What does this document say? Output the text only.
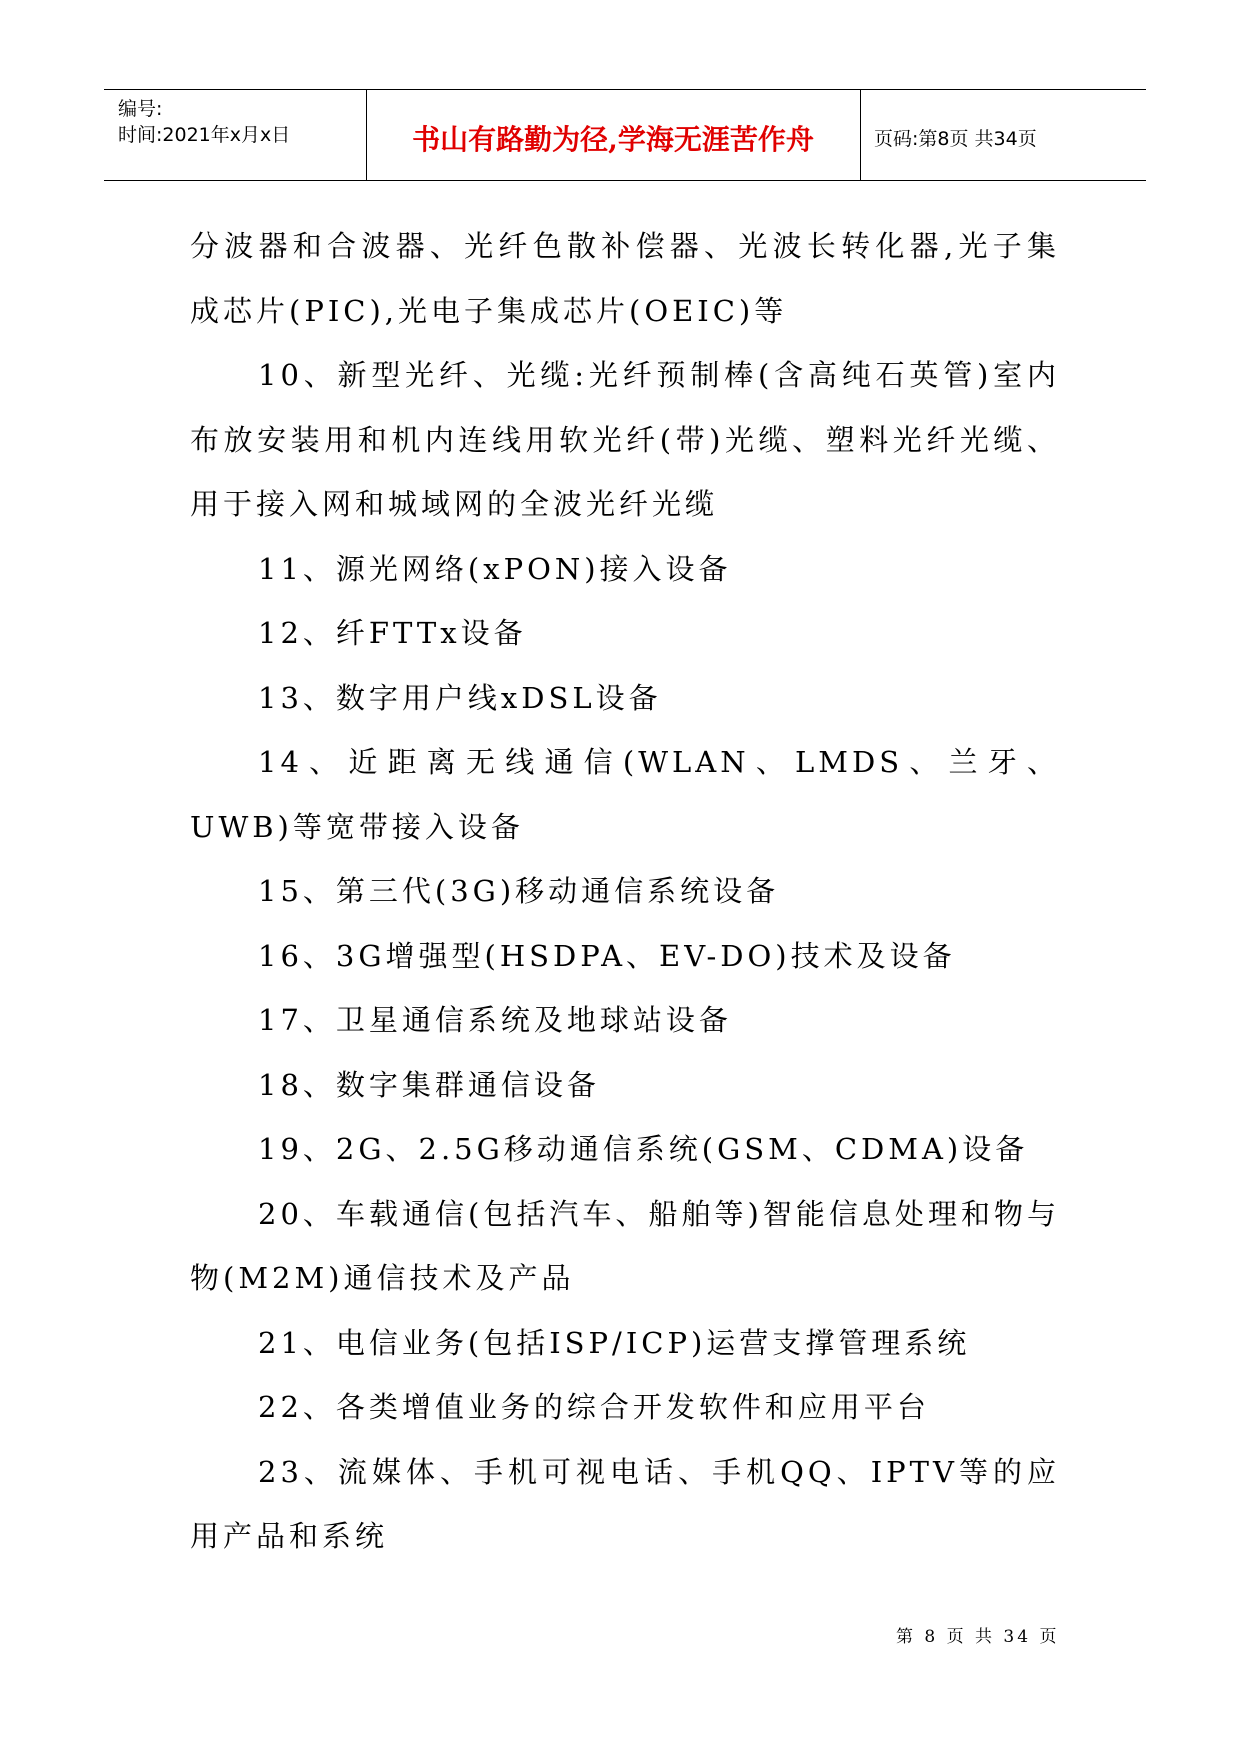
编号:
时间:2021年x月x日	书山有路勤为径,学海无涯苦作舟	页码:第8页 共34页

分波器和合波器、光纤色散补偿器、光波长转化器,光子集成芯片(PIC),光电子集成芯片(OEIC)等

10、新型光纤、光缆:光纤预制棒(含高纯石英管)室内布放安装用和机内连线用软光纤(带)光缆、塑料光纤光缆、用于接入网和城域网的全波光纤光缆

11、源光网络(xPON)接入设备

12、纤FTTx设备

13、数字用户线xDSL设备

14、近距离无线通信(WLAN、LMDS、兰牙、UWB)等宽带接入设备

15、第三代(3G)移动通信系统设备

16、3G增强型(HSDPA、EV-DO)技术及设备

17、卫星通信系统及地球站设备

18、数字集群通信设备

19、2G、2.5G移动通信系统(GSM、CDMA)设备

20、车载通信(包括汽车、船舶等)智能信息处理和物与物(M2M)通信技术及产品

21、电信业务(包括ISP/ICP)运营支撑管理系统

22、各类增值业务的综合开发软件和应用平台

23、流媒体、手机可视电话、手机QQ、IPTV等的应用产品和系统

第 8 页 共 34 页
